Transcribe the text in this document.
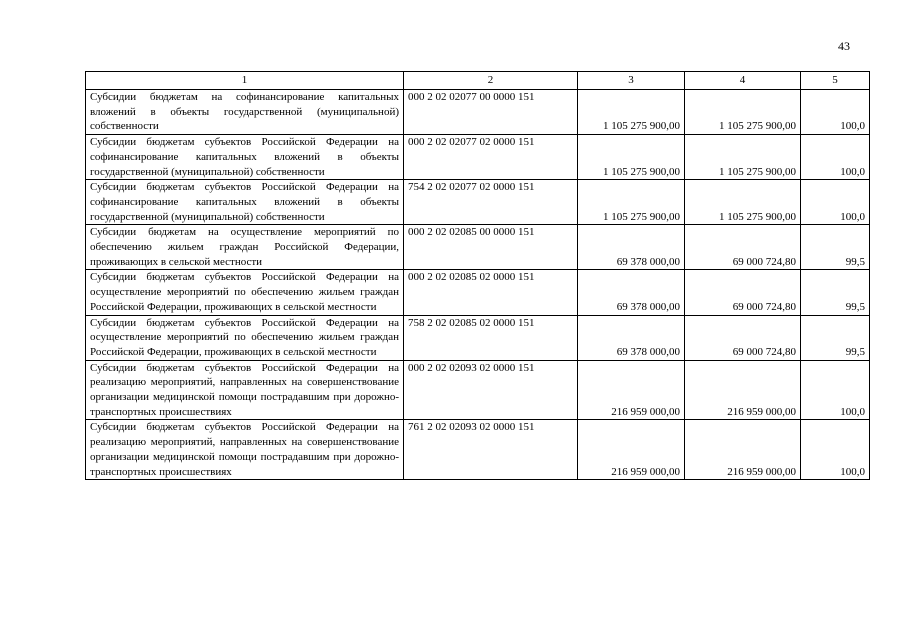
43
1	2	3	4	5
Субсидии бюджетам на софинансирование капитальных вложений в объекты государственной (муниципальной) собственности	000 2 02 02077 00 0000 151	1 105 275 900,00	1 105 275 900,00	100,0
Субсидии бюджетам субъектов Российской Федерации на софинансирование капитальных вложений в объекты государственной (муниципальной) собственности	000 2 02 02077 02 0000 151	1 105 275 900,00	1 105 275 900,00	100,0
Субсидии бюджетам субъектов Российской Федерации на софинансирование капитальных вложений в объекты государственной (муниципальной) собственности	754 2 02 02077 02 0000 151	1 105 275 900,00	1 105 275 900,00	100,0
Субсидии бюджетам на осуществление мероприятий по обеспечению жильем граждан Российской Федерации, проживающих в сельской местности	000 2 02 02085 00 0000 151	69 378 000,00	69 000 724,80	99,5
Субсидии бюджетам субъектов Российской Федерации на осуществление мероприятий по обеспечению жильем граждан Российской Федерации, проживающих в сельской местности	000 2 02 02085 02 0000 151	69 378 000,00	69 000 724,80	99,5
Субсидии бюджетам субъектов Российской Федерации на осуществление мероприятий по обеспечению жильем граждан Российской Федерации, проживающих в сельской местности	758 2 02 02085 02 0000 151	69 378 000,00	69 000 724,80	99,5
Субсидии бюджетам субъектов Российской Федерации на реализацию мероприятий, направленных на совершенствование организации медицинской помощи пострадавшим при дорожно-транспортных происшествиях	000 2 02 02093 02 0000 151	216 959 000,00	216 959 000,00	100,0
Субсидии бюджетам субъектов Российской Федерации на реализацию мероприятий, направленных на совершенствование организации медицинской помощи пострадавшим при дорожно-транспортных происшествиях	761 2 02 02093 02 0000 151	216 959 000,00	216 959 000,00	100,0
